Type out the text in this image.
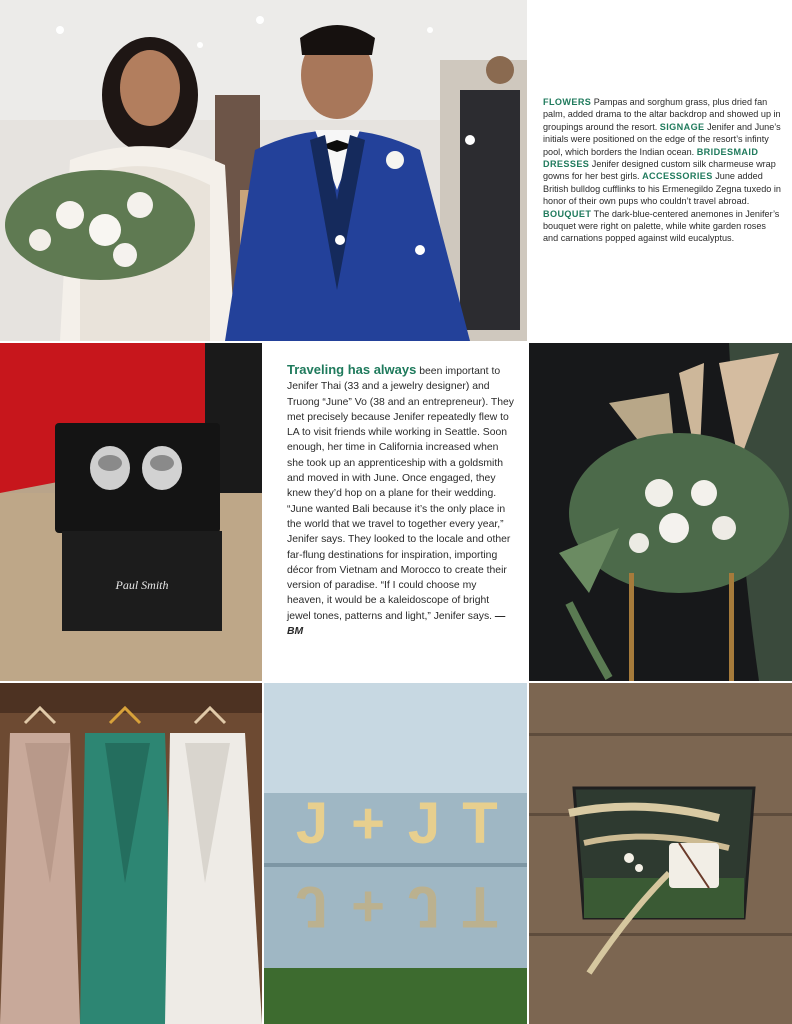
FLOWERS Pampas and sorghum grass, plus dried fan palm, added drama to the altar backdrop and showed up in groupings around the resort. SIGNAGE Jenifer and June’s initials were positioned on the edge of the resort’s infinty pool, which borders the Indian ocean. BRIDESMAID DRESSES Jenifer designed custom silk charmeuse wrap gowns for her best girls. ACCESSORIES June added British bulldog cufflinks to his Ermenegildo Zegna tuxedo in honor of their own pups who couldn’t travel abroad. BOUQUET The dark-blue-centered anemones in Jenifer’s bouquet were right on palette, while white garden roses and carnations popped against wild eucalyptus.
Paul Smith
Traveling has always been important to Jenifer Thai (33 and a jewelry designer) and Truong “June” Vo (38 and an entrepreneur). They met precisely because Jenifer repeatedly flew to LA to visit friends while working in Seattle. Soon enough, her time in California increased when she took up an apprenticeship with a goldsmith and moved in with June. Once engaged, they knew they’d hop on a plane for their wedding. “June wanted Bali because it’s the only place in the world that we travel to together every year,” Jenifer says. They looked to the locale and other far-flung destinations for inspiration, importing décor from Vietnam and Morocco to create their version of paradise. “If I could choose my heaven, it would be a kaleidoscope of bright jewel tones, patterns and light,” Jenifer says. —BM
J + J T
J + J T
